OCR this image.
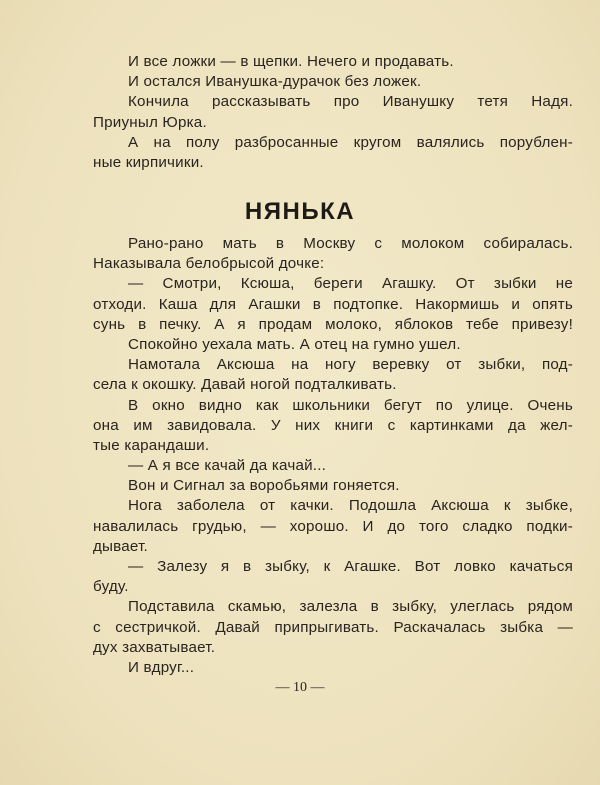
И все ложки — в щепки. Нечего и продавать.
И остался Иванушка-дурачок без ложек.
Кончила рассказывать про Иванушку тетя Надя.
Приуныл Юрка.
А на полу разбросанные кругом валялись порублен-
ные кирпичики.
НЯНЬКА
Рано-рано мать в Москву с молоком собиралась.
Наказывала белобрысой дочке:
— Смотри, Ксюша, береги Агашку. От зыбки не
отходи. Каша для Агашки в подтопке. Накормишь и опять
сунь в печку. А я продам молоко, яблоков тебе привезу!
Спокойно уехала мать. А отец на гумно ушел.
Намотала Аксюша на ногу веревку от зыбки, под-
села к окошку. Давай ногой подталкивать.
В окно видно как школьники бегут по улице. Очень
она им завидовала. У них книги с картинками да жел-
тые карандаши.
— А я все качай да качай...
Вон и Сигнал за воробьями гоняется.
Нога заболела от качки. Подошла Аксюша к зыбке,
навалилась грудью, — хорошо. И до того сладко подки-
дывает.
— Залезу я в зыбку, к Агашке. Вот ловко качаться
буду.
Подставила скамью, залезла в зыбку, улеглась рядом
с сестричкой. Давай припрыгивать. Раскачалась зыбка —
дух захватывает.
И вдруг...
— 10 —
